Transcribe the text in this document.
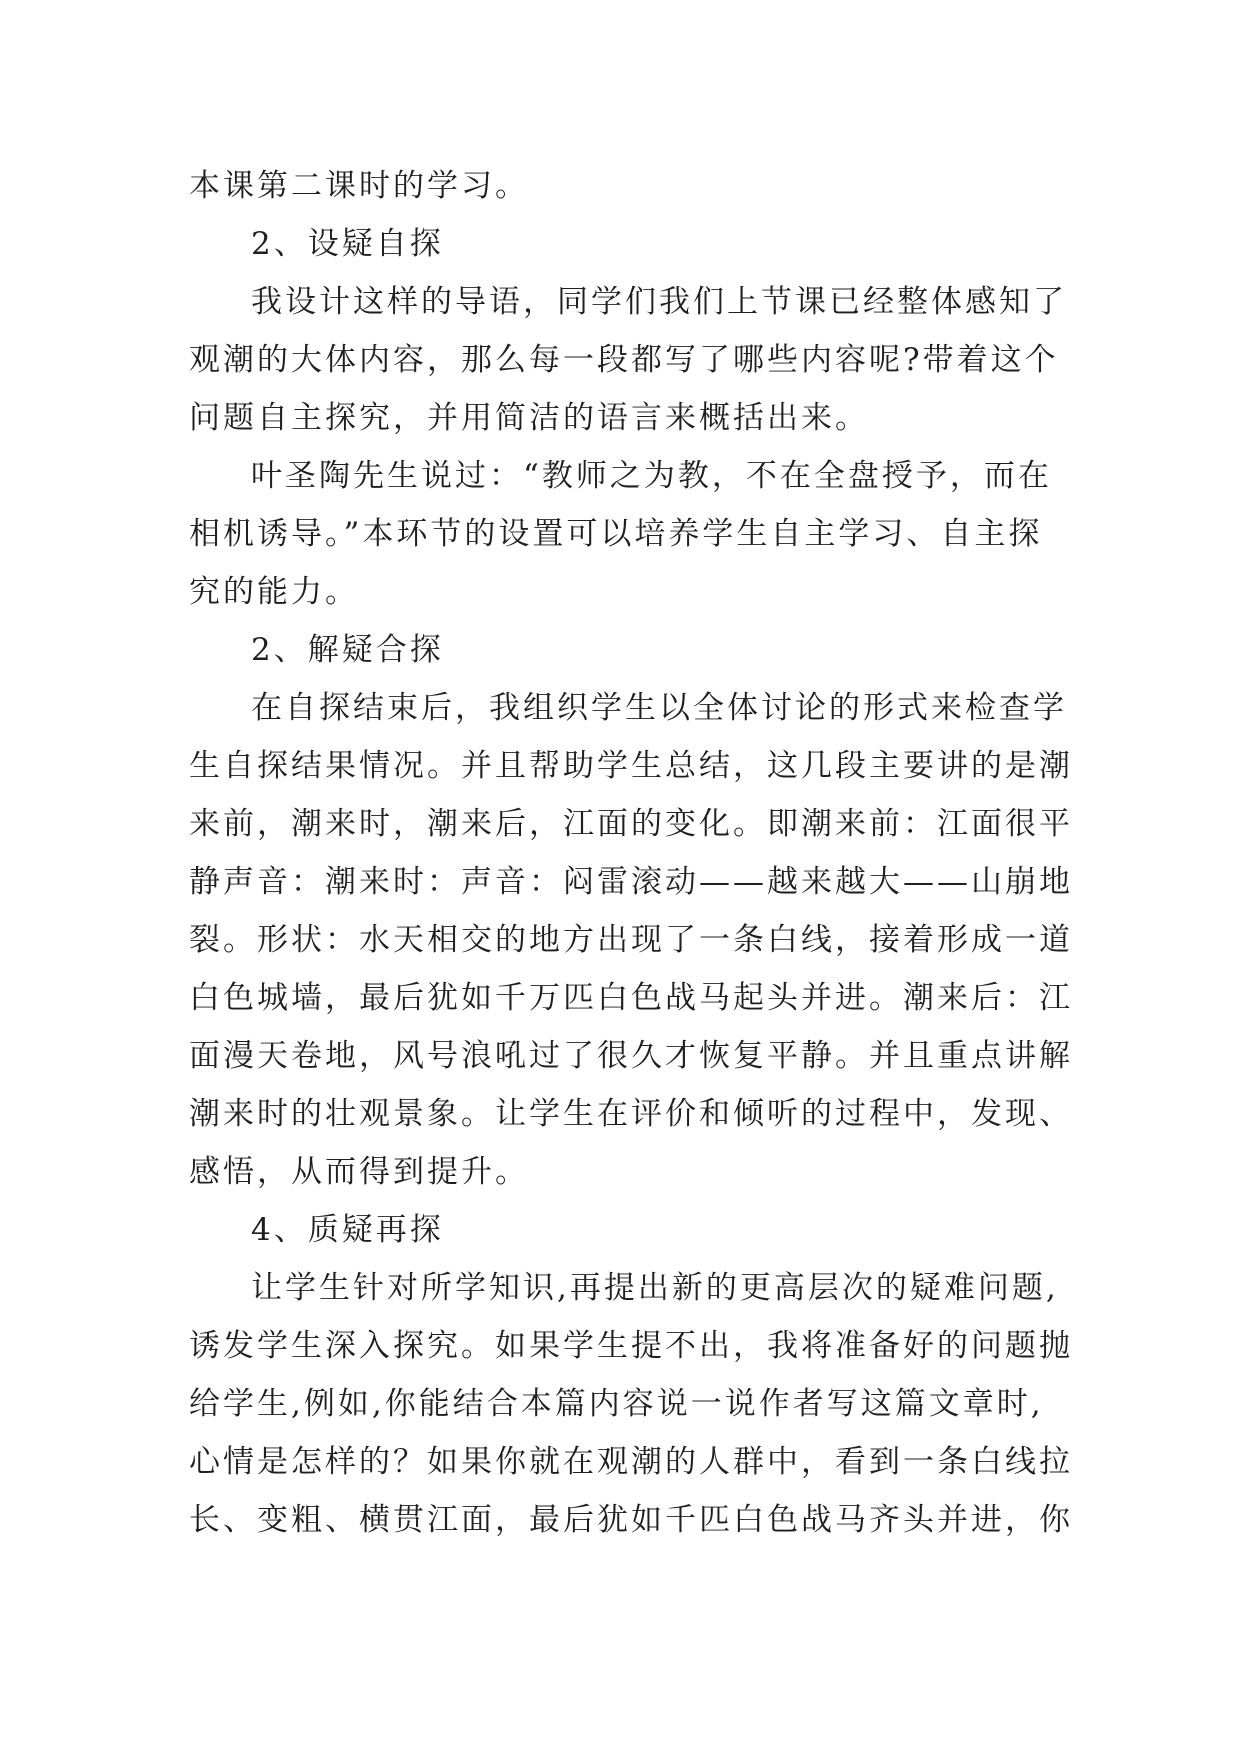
本课第二课时的学习。
2、设疑自探
我设计这样的导语，同学们我们上节课已经整体感知了
观潮的大体内容，那么每一段都写了哪些内容呢?带着这个
问题自主探究，并用简洁的语言来概括出来。
叶圣陶先生说过：“教师之为教，不在全盘授予，而在
相机诱导。”本环节的设置可以培养学生自主学习、自主探
究的能力。
2、解疑合探
在自探结束后，我组织学生以全体讨论的形式来检查学
生自探结果情况。并且帮助学生总结，这几段主要讲的是潮
来前，潮来时，潮来后，江面的变化。即潮来前：江面很平
静声音：潮来时：声音：闷雷滚动——越来越大——山崩地
裂。形状：水天相交的地方出现了一条白线，接着形成一道
白色城墙，最后犹如千万匹白色战马起头并进。潮来后：江
面漫天卷地，风号浪吼过了很久才恢复平静。并且重点讲解
潮来时的壮观景象。让学生在评价和倾听的过程中，发现、
感悟，从而得到提升。
4、质疑再探
让学生针对所学知识,再提出新的更高层次的疑难问题,
诱发学生深入探究。如果学生提不出，我将准备好的问题抛
给学生,例如,你能结合本篇内容说一说作者写这篇文章时,
心情是怎样的？如果你就在观潮的人群中，看到一条白线拉
长、变粗、横贯江面，最后犹如千匹白色战马齐头并进，你
